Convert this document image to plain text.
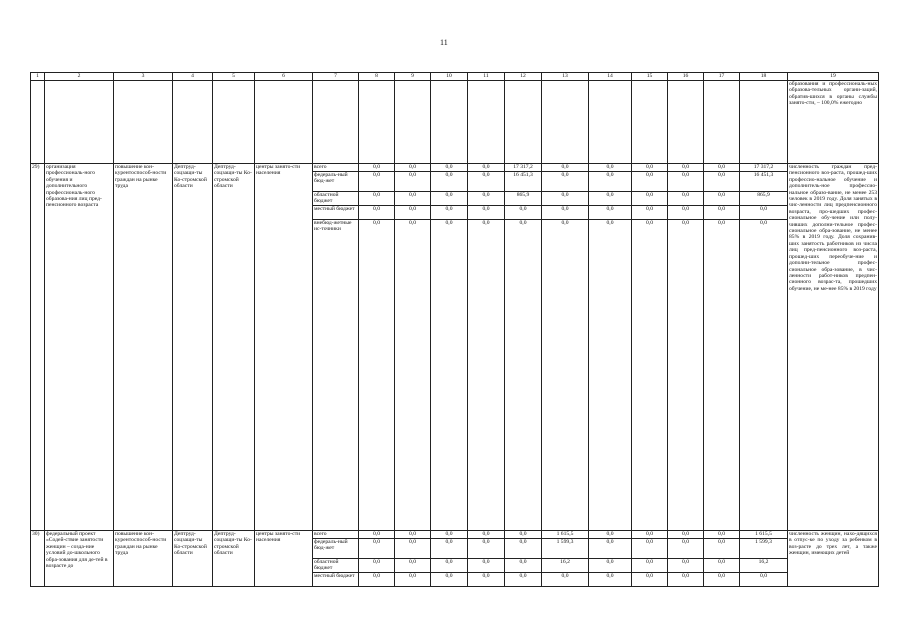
11
1	2	3	4	5	6	7	8	9	10	11	12	13	14	15	16	17	18	19
																		образования и профессиональ-ных образова-тельных органи-заций, обратив-шихся в органы службы занято-сти, – 100,0% ежегодно
29)	организация профессиональ-ного обучения и дополнительного профессиональ-ного образова-ния лиц пред-пенсионного возраста	повышение кон-курентоспособ-ности граждан на рынке труда	Дептруд-соцзащи-ты Ко-стромской области	Дептруд-соцзащи-ты Ко-стромской области	центры занято-сти населения	всего	0,0	0,0	0,0	0,0	17 317,2	0,0	0,0	0,0	0,0	0,0	17 317,2	численность граждан пред-пенсионного воз-раста, прошед-ших профессио-нальное обучение и дополнитель-ное профессио-нальное образо-вание, не менее 253 человек в 2019 году. Доля занятых в чис-ленности лиц предпенсионного возраста, про-шедших профес-сиональное обу-чение или полу-чивших дополни-тельное профес-сиональное обра-зование, не менее 85% в 2019 году. Доля сохранив-ших занятость работников из числа лиц пред-пенсионного воз-раста, прошед-ших переобуче-ние и дополни-тельное профес-сиональное обра-зование, в чис-ленности работ-ников предпен-сионного возрас-та, прошедших обучение, не ме-нее 85% в 2019 году
						федераль-ный бюд-жет	0,0	0,0	0,0	0,0	16 451,3	0,0	0,0	0,0	0,0	0,0	16 451,3	
						областной бюджет	0,0	0,0	0,0	0,0	865,9	0,0	0,0	0,0	0,0	0,0	865,9	
						местный бюджет	0,0	0,0	0,0	0,0	0,0	0,0	0,0	0,0	0,0	0,0	0,0	
						внебюд-жетные ис-точники	0,0	0,0	0,0	0,0	0,0	0,0	0,0	0,0	0,0	0,0	0,0	
30)	федеральный проект «Содей-ствие занятости женщин – созда-ние условий до-школьного обра-зования для де-тей в возрасте до	повышение кон-курентоспособ-ности граждан на рынке труда	Дептруд-соцзащи-ты Ко-стромской области	Дептруд-соцзащи-ты Ко-стромской области	центры занято-сти населения	всего	0,0	0,0	0,0	0,0	0,0	1 615,5	0,0	0,0	0,0	0,0	1 615,5	численность женщин, нахо-дящихся в отпус-ке по уходу за ребенком в воз-расте до трех лет, а также женщин, имеющих детей
						федераль-ный бюд-жет	0,0	0,0	0,0	0,0	0,0	1 599,3	0,0	0,0	0,0	0,0	1 599,3	
						областной бюджет	0,0	0,0	0,0	0,0	0,0	16,2	0,0	0,0	0,0	0,0	16,2	
						местный бюджет	0,0	0,0	0,0	0,0	0,0	0,0	0,0	0,0	0,0	0,0	0,0	
